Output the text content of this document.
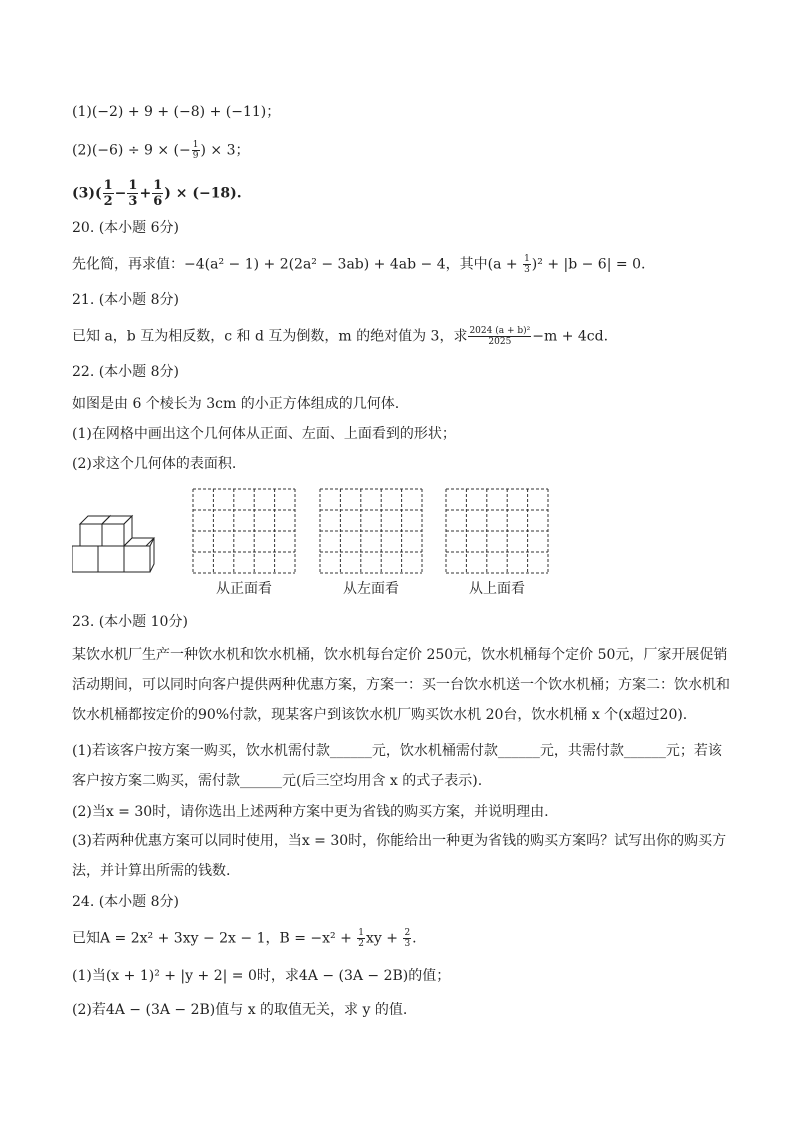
(1)(−2) + 9 + (−8) + (−11)；
(2)(−6) ÷ 9 × (− $\frac{1}{9}$ ) × 3；
$(3)( \frac{1}{2} - \frac{1}{3} + \frac{1}{6}$ ) × (−18).
20. (本小题 6分)
先化简，再求值：−4(a² − 1) + 2(2a² − 3ab) + 4ab − 4，其中$(a + \frac{1}{3} )^2 + |b - 6| = 0$.
21. (本小题 8分)
已知 a，b 互为相反数，c 和 d 互为倒数，m 的绝对值为 3，求 $\frac{\text{2024 (a + b)²}}{2025} -m + 4cd$.
22. (本小题 8分)
如图是由 6 个棱长为 3cm 的小正方体组成的几何体.
(1)在网格中画出这个几何体从正面、左面、上面看到的形状；
(2)求这个几何体的表面积.
从正面看	从左面看	从上面看
23. (本小题 10分)
某饮水机厂生产一种饮水机和饮水机桶，饮水机每台定价 250元，饮水机桶每个定价 50元，厂家开展促销活动期间，可以同时向客户提供两种优惠方案，方案一：买一台饮水机送一个饮水机桶；方案二：饮水机和饮水机桶都按定价的90%付款，现某客户到该饮水机厂购买饮水机 20台，饮水机桶 x 个(x超过20).
(1)若该客户按方案一购买，饮水机需付款______元，饮水机桶需付款______元，共需付款______元；若该客户按方案二购买，需付款______元(后三空均用含 x 的式子表示).
(2)当x = 30时，请你选出上述两种方案中更为省钱的购买方案，并说明理由.
(3)若两种优惠方案可以同时使用，当x = 30时，你能给出一种更为省钱的购买方案吗？试写出你的购买方法，并计算出所需的钱数.
24. (本小题 8分)
已知A = 2x² + 3xy − 2x − 1，$B = -x^2 + \frac{1}{2}$ xy + $\frac{2}{3}$ .
(1)当(x + 1)² + |y + 2| = 0时，求4A − (3A − 2B)的值；
(2)若4A − (3A − 2B)值与 x 的取值无关，求 y 的值.
